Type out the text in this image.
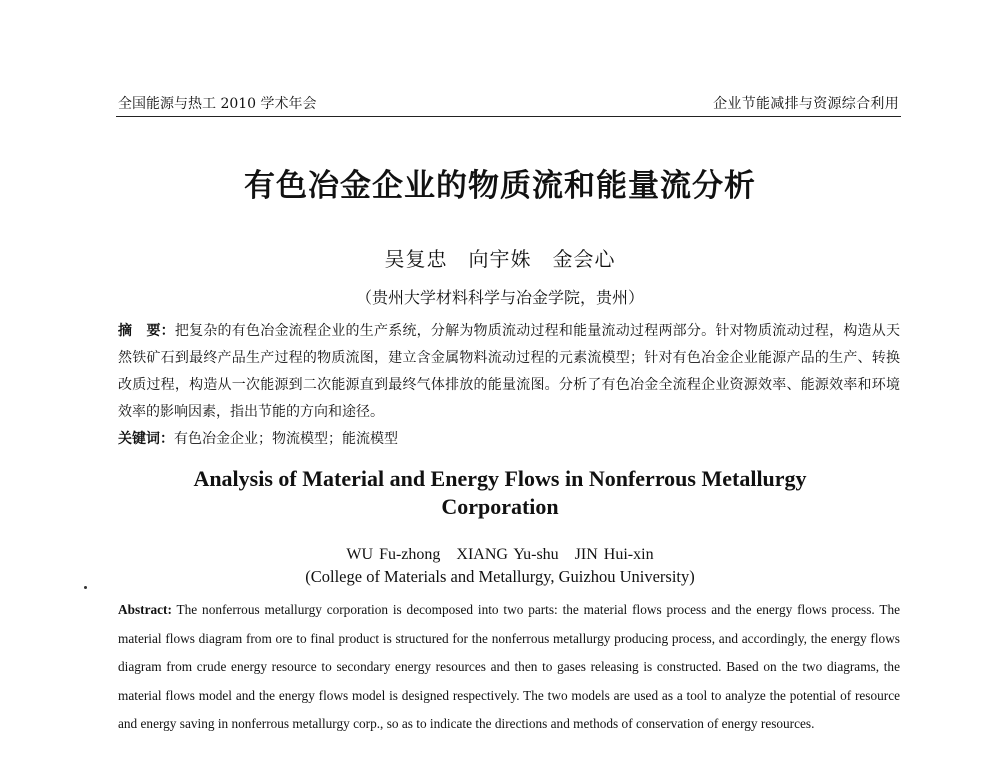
全国能源与热工 2010 学术年会	企业节能减排与资源综合利用
有色冶金企业的物质流和能量流分析
吴复忠　向宇姝　金会心
（贵州大学材料科学与冶金学院，贵州）

摘　要：把复杂的有色冶金流程企业的生产系统，分解为物质流动过程和能量流动过程两部分。针对物质流动过程，构造从天然铁矿石到最终产品生产过程的物质流图，建立含金属物料流动过程的元素流模型；针对有色冶金企业能源产品的生产、转换改质过程，构造从一次能源到二次能源直到最终气体排放的能量流图。分析了有色冶金全流程企业资源效率、能源效率和环境效率的影响因素，指出节能的方向和途径。

关键词：有色冶金企业；物流模型；能流模型
Analysis of Material and Energy Flows in Nonferrous Metallurgy
Corporation
WU Fu-zhong　XIANG Yu-shu　JIN Hui-xin
(College of Materials and Metallurgy, Guizhou University)

Abstract: The nonferrous metallurgy corporation is decomposed into two parts: the material flows process and the energy flows process. The material flows diagram from ore to final product is structured for the nonferrous metallurgy producing process, and accordingly, the energy flows diagram from crude energy resource to secondary energy resources and then to gases releasing is constructed. Based on the two diagrams, the material flows model and the energy flows model is designed respectively. The two models are used as a tool to analyze the potential of resource and energy saving in nonferrous metallurgy corp., so as to indicate the directions and methods of conservation of energy resources.
